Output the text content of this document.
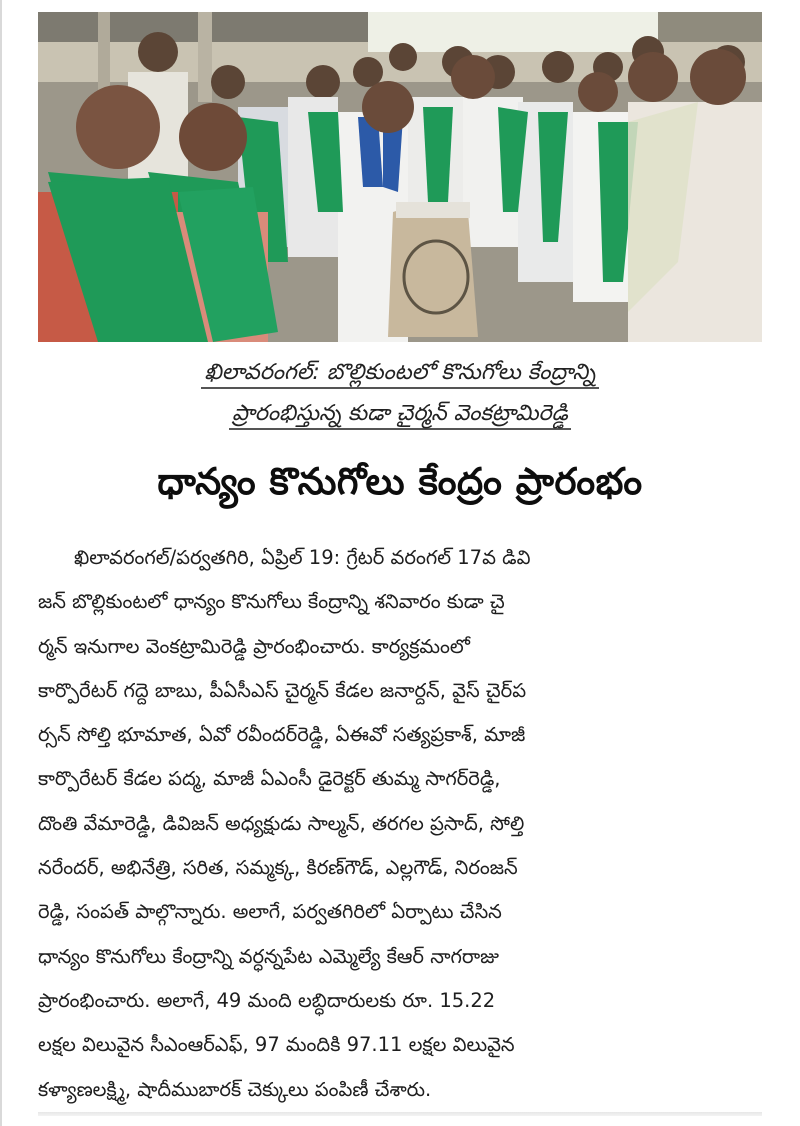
ఖిలావరంగల్: బొల్లికుంటలో కొనుగోలు కేంద్రాన్ని
ప్రారంభిస్తున్న కుడా చైర్మన్ వెంకట్రామిరెడ్డి
ధాన్యం కొనుగోలు కేంద్రం ప్రారంభం
ఖిలావరంగల్/పర్వతగిరి, ఏప్రిల్ 19: గ్రేటర్ వరంగల్ 17వ డివి
జన్ బొల్లికుంటలో ధాన్యం కొనుగోలు కేంద్రాన్ని శనివారం కుడా చై
ర్మన్ ఇనుగాల వెంకట్రామిరెడ్డి ప్రారంభించారు. కార్యక్రమంలో
కార్పొరేటర్ గద్దె బాబు, పీఏసీఎస్ చైర్మన్ కేడల జనార్దన్, వైస్ చైర్‌ప
ర్సన్ సోల్తి భూమాత, ఏవో రవీందర్‌రెడ్డి, ఏఈవో సత్యప్రకాశ్, మాజీ
కార్పొరేటర్ కేడల పద్మ, మాజీ ఏఎంసీ డైరెక్టర్ తుమ్మ సాగర్‌రెడ్డి,
దొంతి వేమారెడ్డి, డివిజన్ అధ్యక్షుడు సాల్మన్, తరగల ప్రసాద్, సోల్తి
నరేందర్, అభినేత్రి, సరిత, సమ్మక్క, కిరణ్‌గౌడ్, ఎల్లగౌడ్, నిరంజన్
రెడ్డి, సంపత్ పాల్గొన్నారు. అలాగే, పర్వతగిరిలో ఏర్పాటు చేసిన
ధాన్యం కొనుగోలు కేంద్రాన్ని వర్ధన్నపేట ఎమ్మెల్యే కేఆర్ నాగరాజు
ప్రారంభించారు. అలాగే, 49 మంది లబ్ధిదారులకు రూ. 15.22
లక్షల విలువైన సీఎంఆర్‌ఎఫ్, 97 మందికి 97.11 లక్షల విలువైన
కళ్యాణలక్ష్మి, షాదీముబారక్ చెక్కులు పంపిణీ చేశారు.
